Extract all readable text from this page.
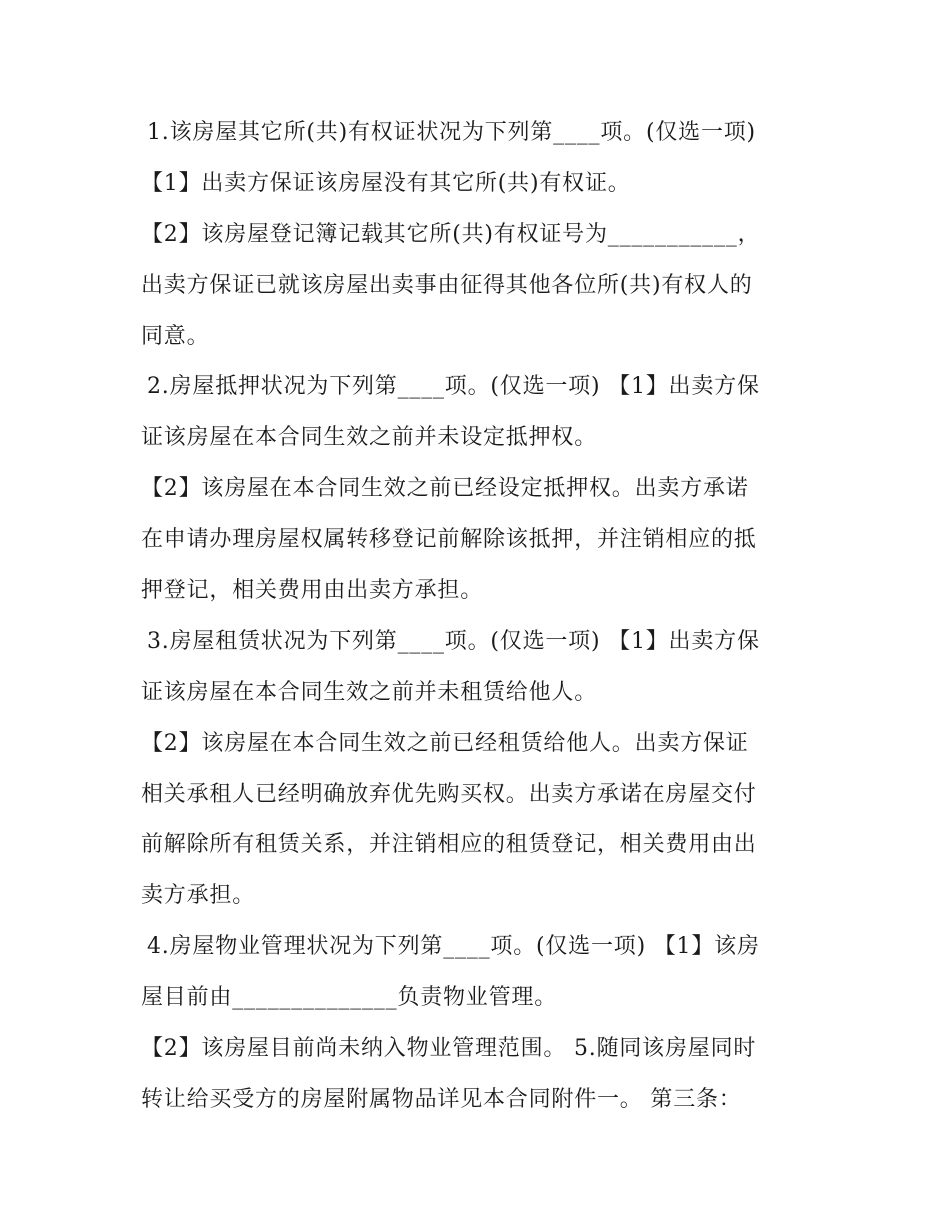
1.该房屋其它所(共)有权证状况为下列第____项。(仅选一项)
【1】出卖方保证该房屋没有其它所(共)有权证。
【2】该房屋登记簿记载其它所(共)有权证号为___________，
出卖方保证已就该房屋出卖事由征得其他各位所(共)有权人的
同意。
2.房屋抵押状况为下列第____项。(仅选一项) 【1】出卖方保
证该房屋在本合同生效之前并未设定抵押权。
【2】该房屋在本合同生效之前已经设定抵押权。出卖方承诺
在申请办理房屋权属转移登记前解除该抵押，并注销相应的抵
押登记，相关费用由出卖方承担。
3.房屋租赁状况为下列第____项。(仅选一项) 【1】出卖方保
证该房屋在本合同生效之前并未租赁给他人。
【2】该房屋在本合同生效之前已经租赁给他人。出卖方保证
相关承租人已经明确放弃优先购买权。出卖方承诺在房屋交付
前解除所有租赁关系，并注销相应的租赁登记，相关费用由出
卖方承担。
4.房屋物业管理状况为下列第____项。(仅选一项) 【1】该房
屋目前由______________负责物业管理。
【2】该房屋目前尚未纳入物业管理范围。 5.随同该房屋同时
转让给买受方的房屋附属物品详见本合同附件一。 第三条：
